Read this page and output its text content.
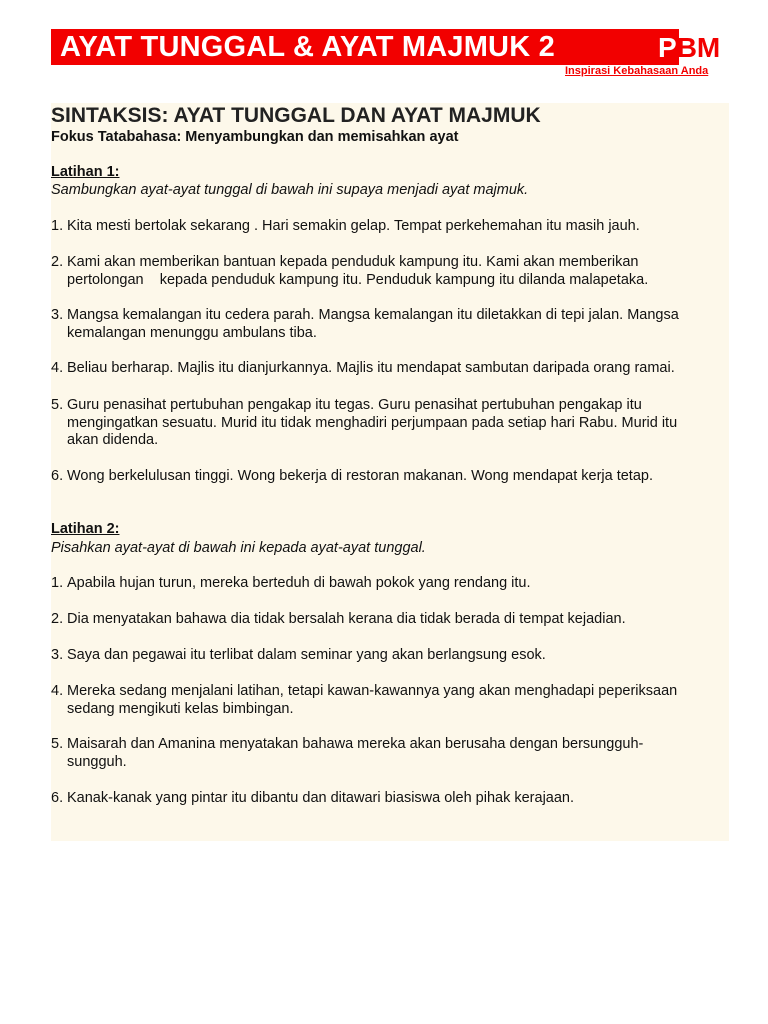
AYAT TUNGGAL & AYAT MAJMUK 2	PBM
Inspirasi Kebahasaan Anda
SINTAKSIS: AYAT TUNGGAL DAN AYAT MAJMUK
Fokus Tatabahasa: Menyambungkan dan memisahkan ayat
Latihan 1:
Sambungkan ayat-ayat tunggal di bawah ini supaya menjadi ayat majmuk.
1. Kita mesti bertolak sekarang . Hari semakin gelap. Tempat perkehemahan itu masih jauh.
2. Kami akan memberikan bantuan kepada penduduk kampung itu. Kami akan memberikan
pertolongan    kepada penduduk kampung itu. Penduduk kampung itu dilanda malapetaka.
3. Mangsa kemalangan itu cedera parah. Mangsa kemalangan itu diletakkan di tepi jalan. Mangsa
kemalangan menunggu ambulans tiba.
4. Beliau berharap. Majlis itu dianjurkannya. Majlis itu mendapat sambutan daripada orang ramai.
5. Guru penasihat pertubuhan pengakap itu tegas. Guru penasihat pertubuhan pengakap itu
mengingatkan sesuatu. Murid itu tidak menghadiri perjumpaan pada setiap hari Rabu. Murid itu
akan didenda.
6. Wong berkelulusan tinggi. Wong bekerja di restoran makanan. Wong mendapat kerja tetap.
Latihan 2:
Pisahkan ayat-ayat di bawah ini kepada ayat-ayat tunggal.
1. Apabila hujan turun, mereka berteduh di bawah pokok yang rendang itu.
2. Dia menyatakan bahawa dia tidak bersalah kerana dia tidak berada di tempat kejadian.
3. Saya dan pegawai itu terlibat dalam seminar yang akan berlangsung esok.
4. Mereka sedang menjalani latihan, tetapi kawan-kawannya yang akan menghadapi peperiksaan
sedang mengikuti kelas bimbingan.
5. Maisarah dan Amanina menyatakan bahawa mereka akan berusaha dengan bersungguh-
sungguh.
6. Kanak-kanak yang pintar itu dibantu dan ditawari biasiswa oleh pihak kerajaan.
